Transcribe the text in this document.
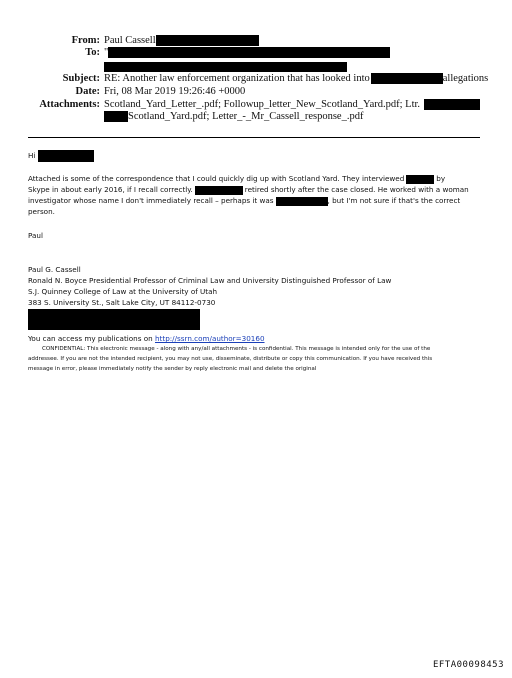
From: Paul Cassell
To: "
Subject: RE: Another law enforcement organization that has looked into	allegations
Date: Fri, 08 Mar 2019 19:26:46 +0000
Attachments: Scotland_Yard_Letter_.pdf; Followup_letter_New_Scotland_Yard.pdf; Ltr.
Scotland_Yard.pdf; Letter_-_Mr_Cassell_response_.pdf
Hi
Attached is some of the correspondence that I could quickly dig up with Scotland Yard. They interviewed	by
Skype in about early 2016, if I recall correctly.	retired shortly after the case closed. He worked with a woman
investigator whose name I don't immediately recall – perhaps it was	, but I'm not sure if that's the correct
person.
Paul
Paul G. Cassell
Ronald N. Boyce Presidential Professor of Criminal Law and University Distinguished Professor of Law
S.J. Quinney College of Law at the University of Utah
383 S. University St., Salt Lake City, UT 84112-0730
You can access my publications on http://ssrn.com/author=30160
CONFIDENTIAL: This electronic message - along with any/all attachments - is confidential. This message is intended only for the use of the
addressee. If you are not the intended recipient, you may not use, disseminate, distribute or copy this communication. If you have received this
message in error, please immediately notify the sender by reply electronic mail and delete the original
EFTA00098453
